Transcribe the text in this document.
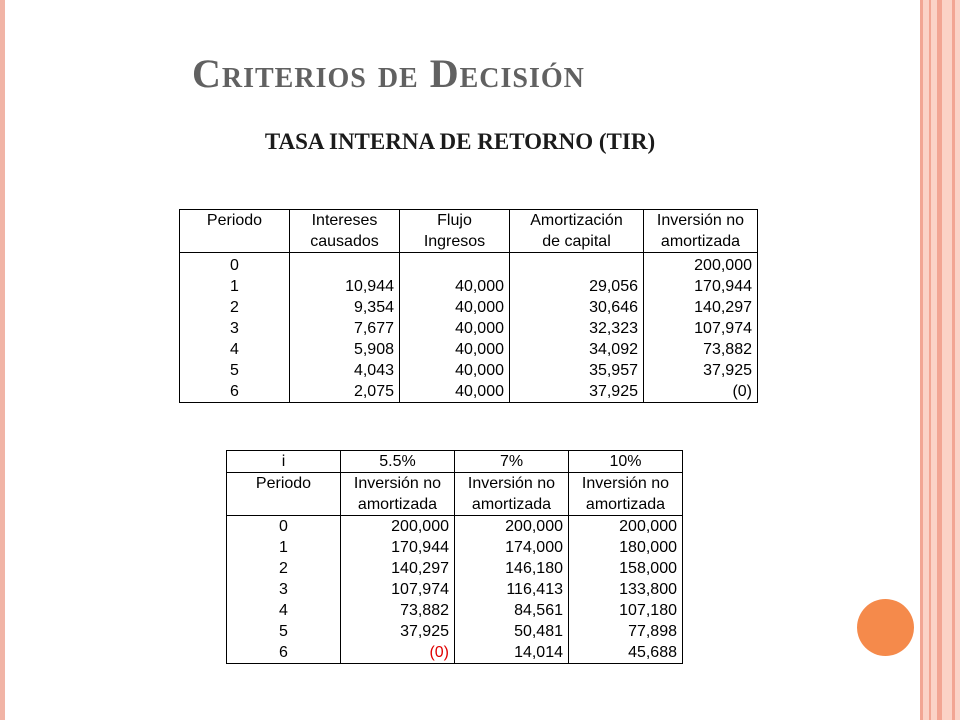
Criterios de Decisión
TASA INTERNA DE RETORNO (TIR)
Periodo	Intereses	Flujo	Amortización	Inversión no
	causados	Ingresos	de capital	amortizada
0				200,000
1	10,944	40,000	29,056	170,944
2	9,354	40,000	30,646	140,297
3	7,677	40,000	32,323	107,974
4	5,908	40,000	34,092	73,882
5	4,043	40,000	35,957	37,925
6	2,075	40,000	37,925	(0)
i	5.5%	7%	10%
Periodo	Inversión no	Inversión no	Inversión no
	amortizada	amortizada	amortizada
0	200,000	200,000	200,000
1	170,944	174,000	180,000
2	140,297	146,180	158,000
3	107,974	116,413	133,800
4	73,882	84,561	107,180
5	37,925	50,481	77,898
6	(0)	14,014	45,688
